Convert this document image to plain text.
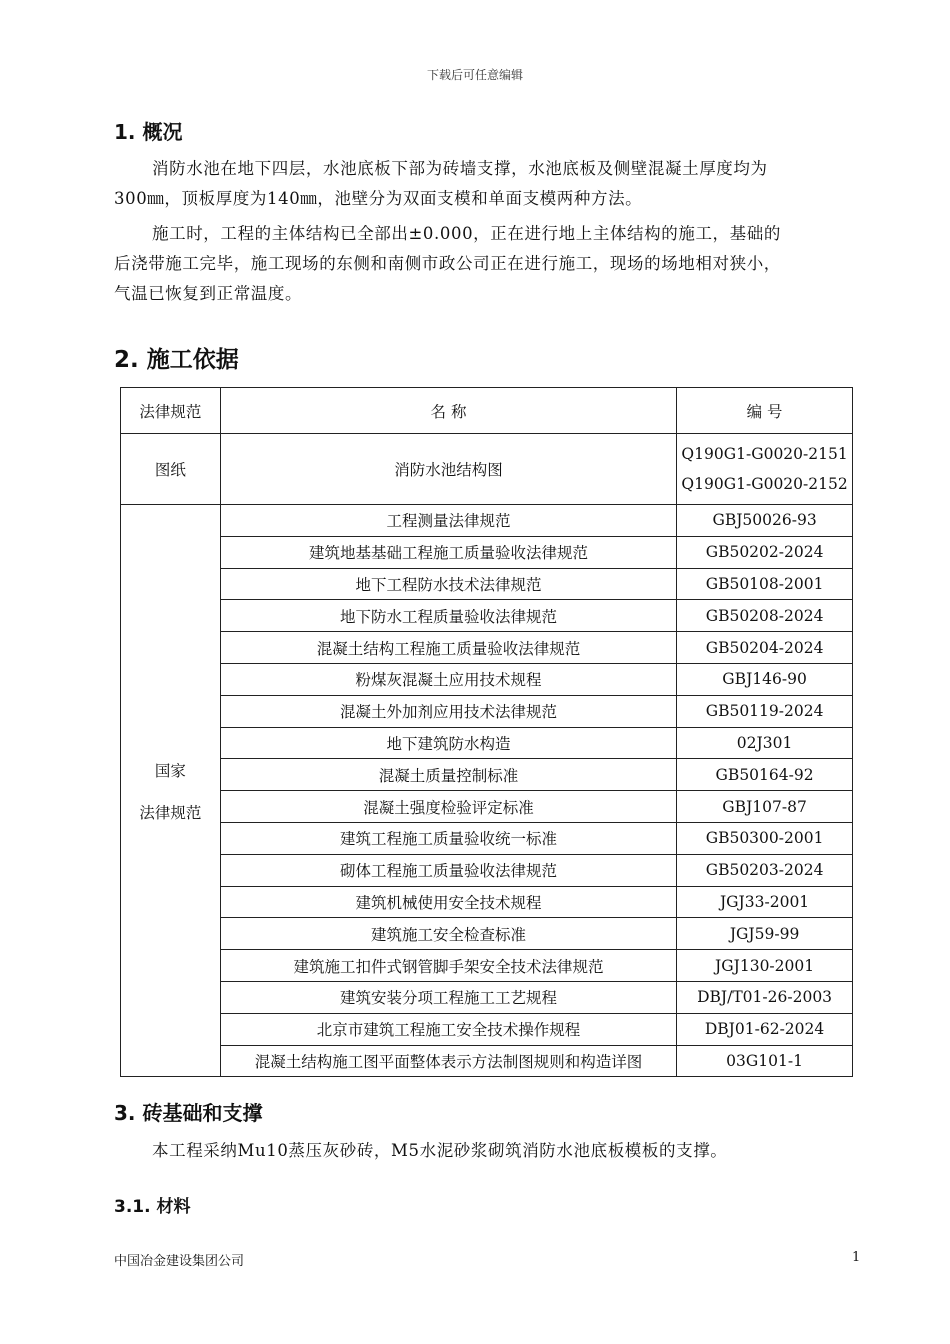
下载后可任意编辑
1. 概况
消防水池在地下四层，水池底板下部为砖墙支撑，水池底板及侧壁混凝土厚度均为
300㎜，顶板厚度为140㎜，池壁分为双面支模和单面支模两种方法。
施工时，工程的主体结构已全部出±0.000，正在进行地上主体结构的施工，基础的
后浇带施工完毕，施工现场的东侧和南侧市政公司正在进行施工，现场的场地相对狭小，
气温已恢复到正常温度。
2. 施工依据
法律规范	名 称	编 号
图纸	消防水池结构图	Q190G1-G0020-2151
Q190G1-G0020-2152

国家
法律规范	工程测量法律规范	GBJ50026-93
	建筑地基基础工程施工质量验收法律规范	GB50202-2024
	地下工程防水技术法律规范	GB50108-2001
	地下防水工程质量验收法律规范	GB50208-2024
	混凝土结构工程施工质量验收法律规范	GB50204-2024
	粉煤灰混凝土应用技术规程	GBJ146-90
	混凝土外加剂应用技术法律规范	GB50119-2024
	地下建筑防水构造	02J301
	混凝土质量控制标准	GB50164-92
	混凝土强度检验评定标准	GBJ107-87
	建筑工程施工质量验收统一标准	GB50300-2001
	砌体工程施工质量验收法律规范	GB50203-2024
	建筑机械使用安全技术规程	JGJ33-2001
	建筑施工安全检查标准	JGJ59-99
	建筑施工扣件式钢管脚手架安全技术法律规范	JGJ130-2001
	建筑安装分项工程施工工艺规程	DBJ/T01-26-2003
	北京市建筑工程施工安全技术操作规程	DBJ01-62-2024
	混凝土结构施工图平面整体表示方法制图规则和构造详图	03G101-1
3. 砖基础和支撑
本工程采纳Mu10蒸压灰砂砖，M5水泥砂浆砌筑消防水池底板模板的支撑。
3.1. 材料
中国冶金建设集团公司	1
